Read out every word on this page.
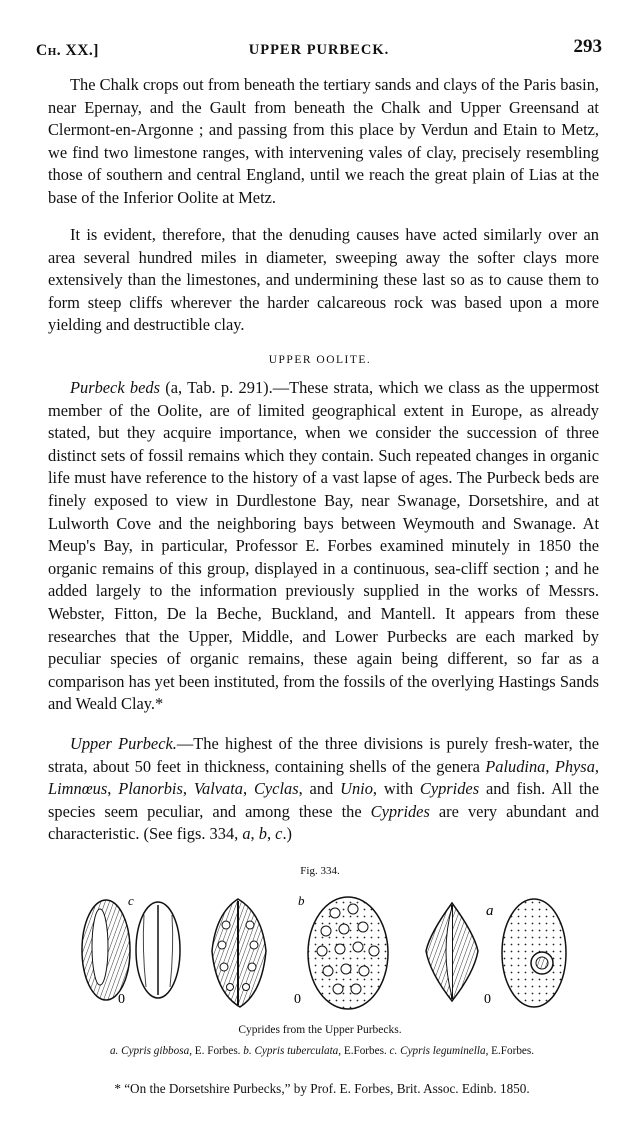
Ch. XX.]	UPPER PURBECK.	293

The Chalk crops out from beneath the tertiary sands and clays of the Paris basin, near Epernay, and the Gault from beneath the Chalk and Upper Greensand at Clermont-en-Argonne ; and passing from this place by Verdun and Etain to Metz, we find two limestone ranges, with intervening vales of clay, precisely resembling those of southern and central England, until we reach the great plain of Lias at the base of the Inferior Oolite at Metz.

It is evident, therefore, that the denuding causes have acted similarly over an area several hundred miles in diameter, sweeping away the softer clays more extensively than the limestones, and undermining these last so as to cause them to form steep cliffs wherever the harder calcareous rock was based upon a more yielding and destructible clay.

UPPER OOLITE.

Purbeck beds (a, Tab. p. 291).—These strata, which we class as the uppermost member of the Oolite, are of limited geographical extent in Europe, as already stated, but they acquire importance, when we consider the succession of three distinct sets of fossil remains which they contain. Such repeated changes in organic life must have reference to the history of a vast lapse of ages. The Purbeck beds are finely exposed to view in Durdlestone Bay, near Swanage, Dorsetshire, and at Lulworth Cove and the neighboring bays between Weymouth and Swanage. At Meup's Bay, in particular, Professor E. Forbes examined minutely in 1850 the organic remains of this group, displayed in a continuous, sea-cliff section ; and he added largely to the information previously supplied in the works of Messrs. Webster, Fitton, De la Beche, Buckland, and Mantell. It appears from these researches that the Upper, Middle, and Lower Purbecks are each marked by peculiar species of organic remains, these again being different, so far as a comparison has yet been instituted, from the fossils of the overlying Hastings Sands and Weald Clay.*

Upper Purbeck.—The highest of the three divisions is purely fresh-water, the strata, about 50 feet in thickness, containing shells of the genera Paludina, Physa, Limnœus, Planorbis, Valvata, Cyclas, and Unio, with Cyprides and fish. All the species seem peculiar, and among these the Cyprides are very abundant and characteristic. (See figs. 334, a, b, c.)

Fig. 334.
c
0
b
0
a
0
Cyprides from the Upper Purbecks.
a. Cypris gibbosa, E. Forbes. b. Cypris tuberculata, E.Forbes. c. Cypris leguminella, E.Forbes.
* “On the Dorsetshire Purbecks,” by Prof. E. Forbes, Brit. Assoc. Edinb. 1850.
